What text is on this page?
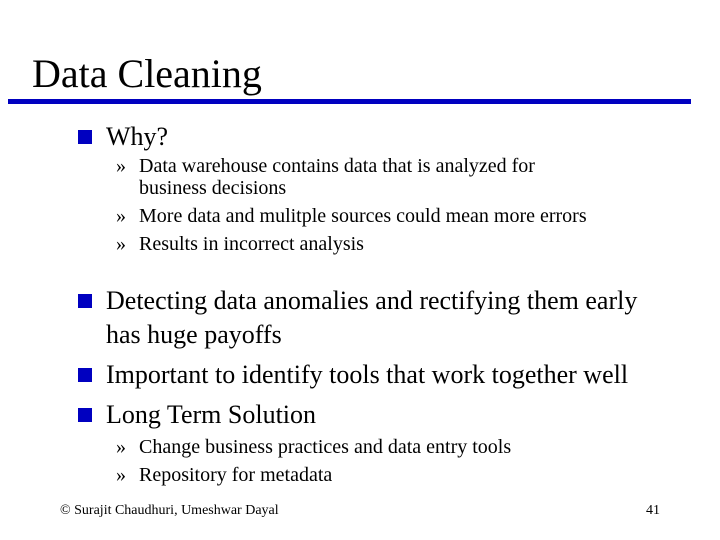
Data Cleaning
Why?
» Data warehouse contains data that is analyzed for
business decisions
» More data and mulitple sources could mean more errors
» Results in incorrect analysis
Detecting data anomalies and rectifying them early
has huge payoffs
Important to identify tools that work together well
Long Term Solution
» Change business practices and data entry tools
» Repository for metadata
© Surajit Chaudhuri, Umeshwar Dayal	41
